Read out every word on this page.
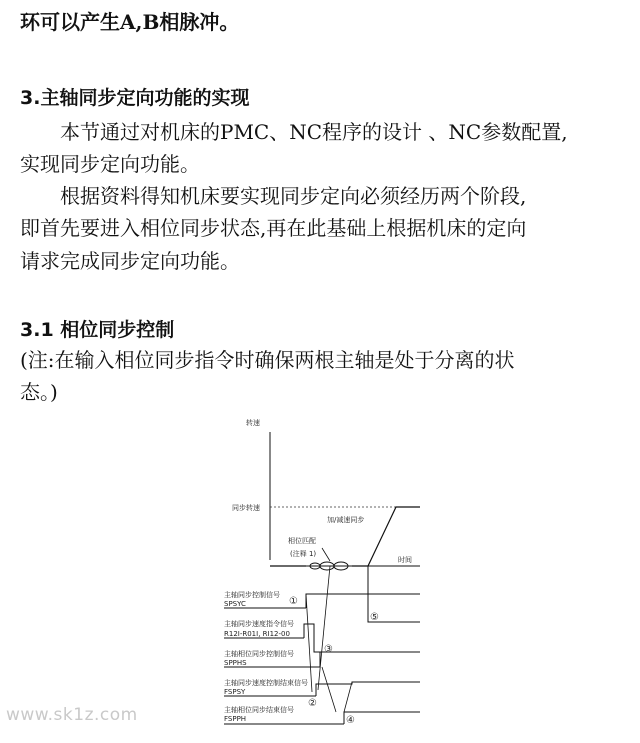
环可以产生A,B相脉冲。
3.主轴同步定向功能的实现
本节通过对机床的PMC、NC程序的设计 、NC参数配置,
实现同步定向功能。
根据资料得知机床要实现同步定向必须经历两个阶段,
即首先要进入相位同步状态,再在此基础上根据机床的定向
请求完成同步定向功能。
3.1 相位同步控制
(注:在输入相位同步指令时确保两根主轴是处于分离的状
态。)
转速
时间
同步转速
加/减速同步
相位匹配
(注释 1)
主轴同步控制信号
SPSYC
主轴同步速度指令信号
R12I-R01I, RI12-00
主轴相位同步控制信号
SPPHS
主轴同步速度控制结束信号
FSPSY
主轴相位同步结束信号
FSPPH
①
②
③
④
⑤
www.sk1z.com
